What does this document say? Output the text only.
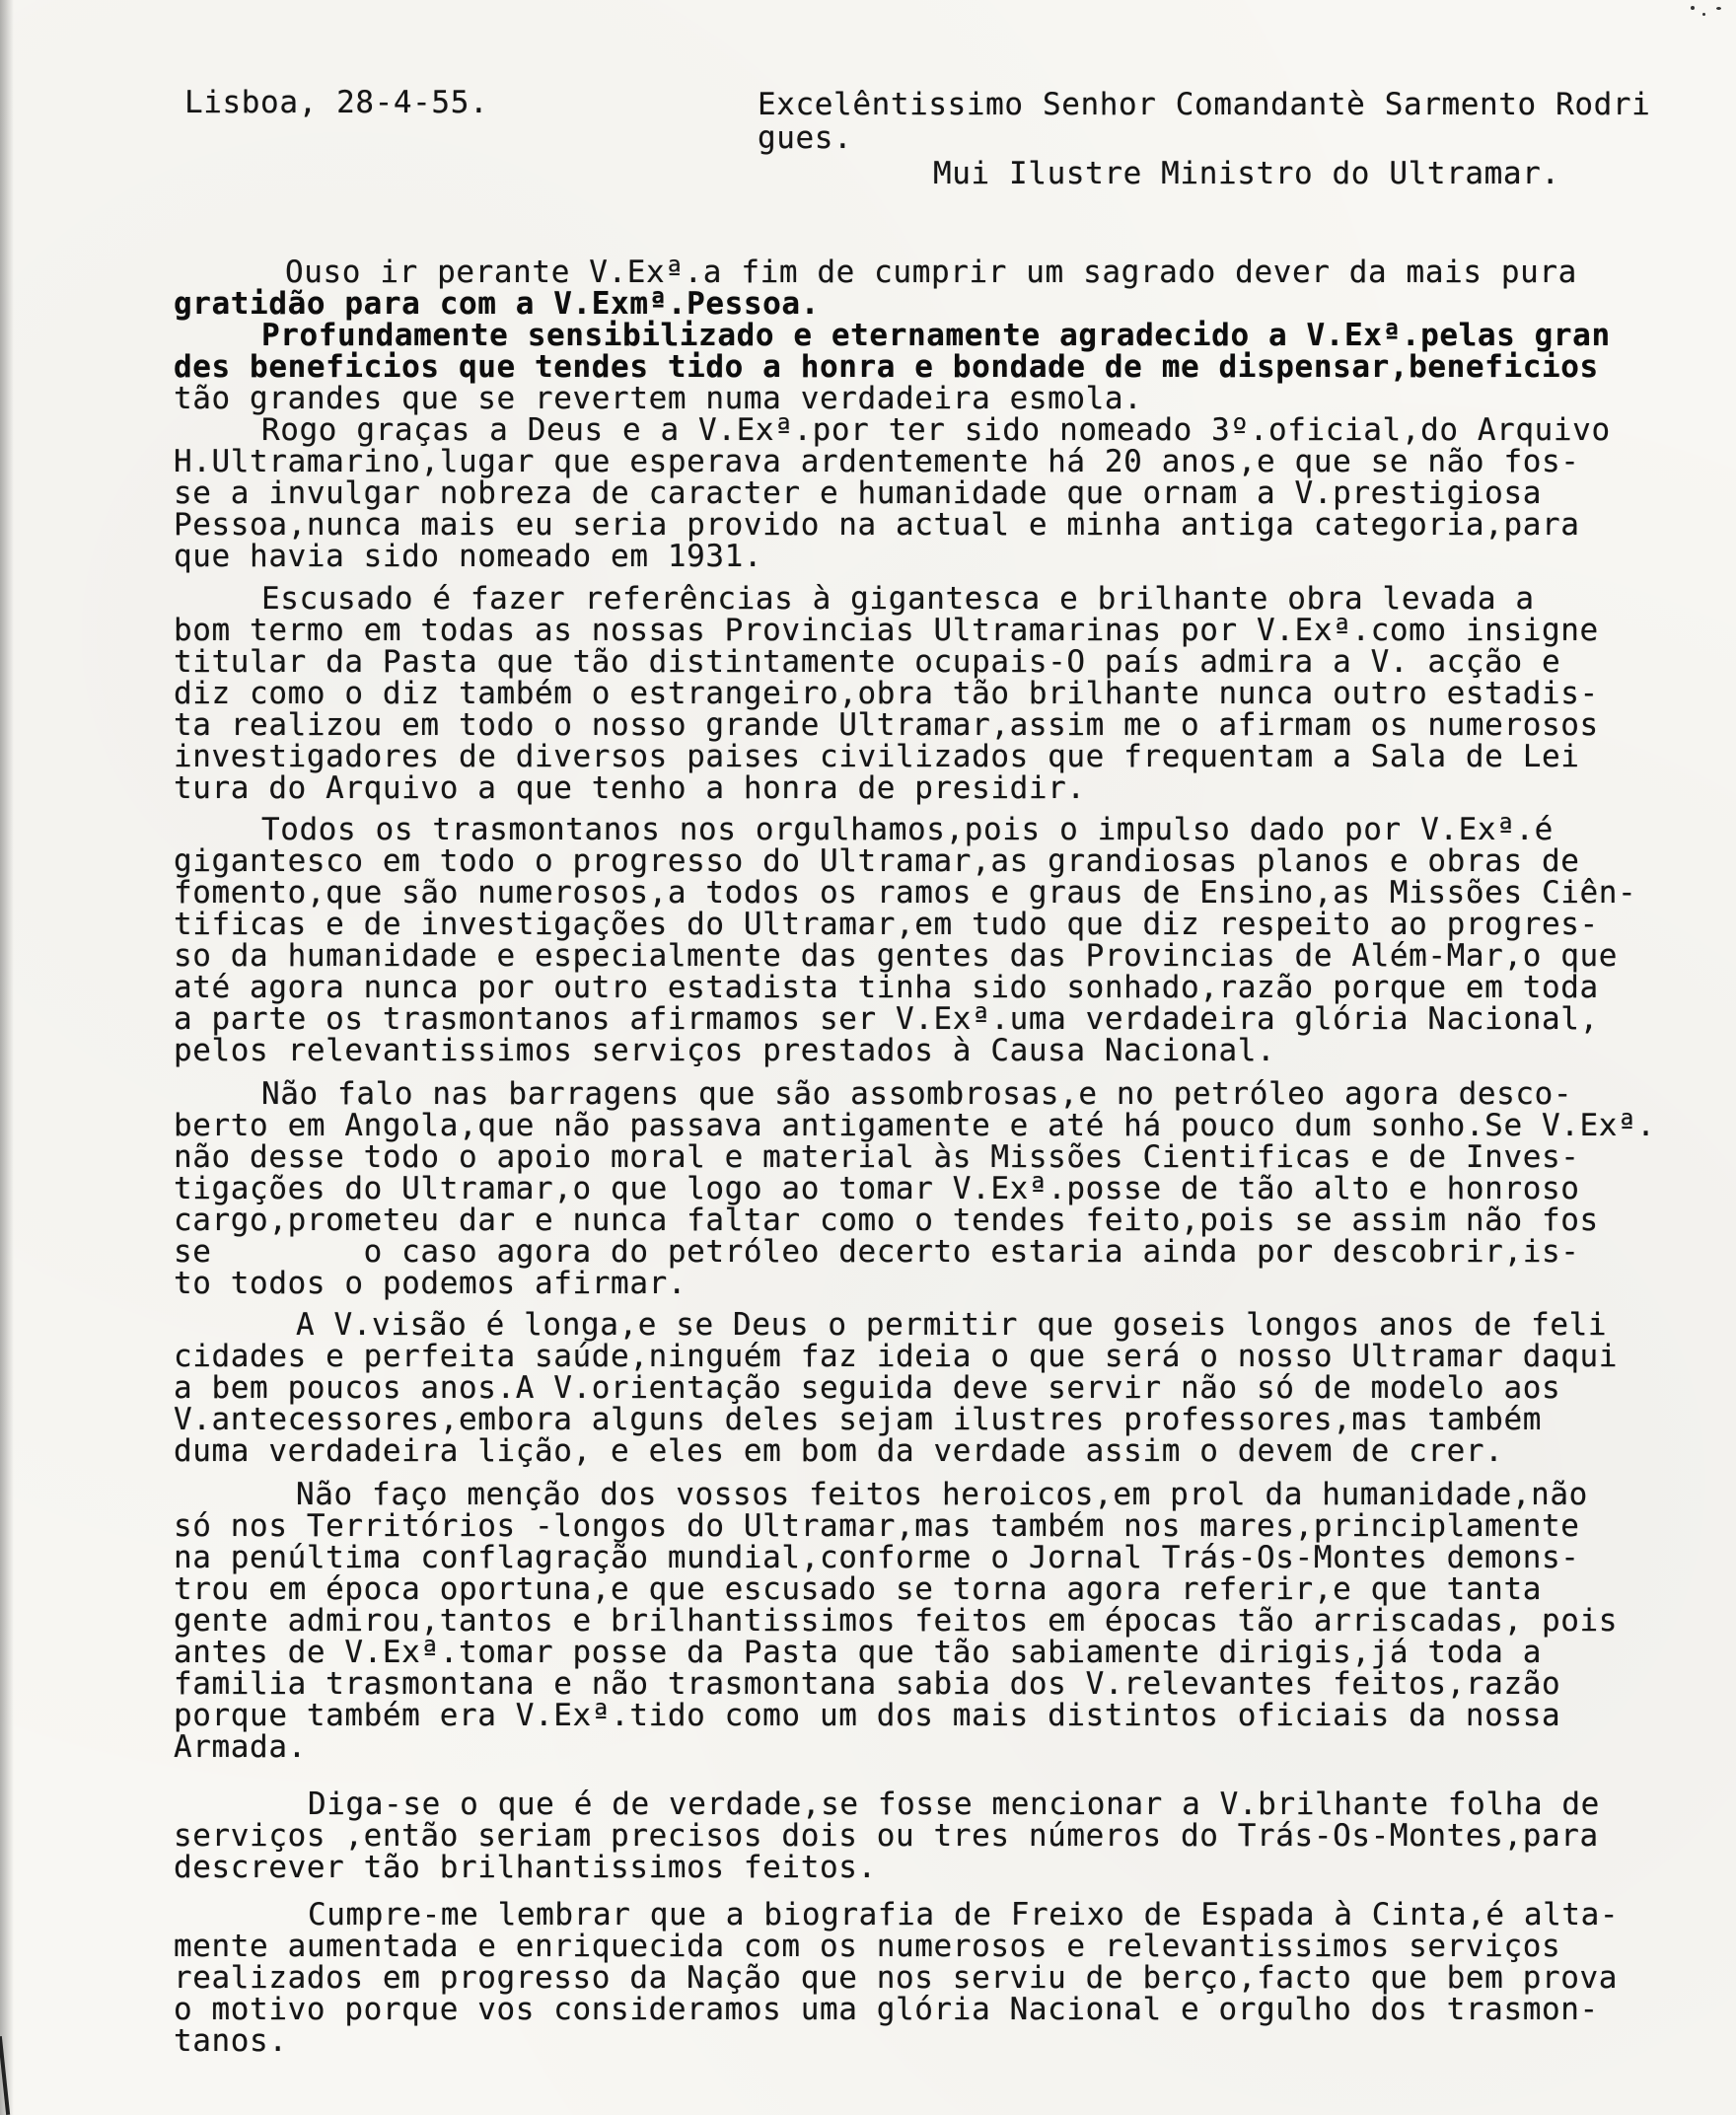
Lisboa, 28-4-55.	Excelêntissimo Senhor Comandantè Sarmento Rodri
gues.
Mui Ilustre Ministro do Ultramar.
Ouso ir perante V.Exª.a fim de cumprir um sagrado dever da mais pura
gratidão para com a V.Exmª.Pessoa.
Profundamente sensibilizado e eternamente agradecido a V.Exª.pelas gran
des beneficios que tendes tido a honra e bondade de me dispensar,beneficios
tão grandes que se revertem numa verdadeira esmola.
Rogo graças a Deus e a V.Exª.por ter sido nomeado 3º.oficial,do Arquivo
H.Ultramarino,lugar que esperava ardentemente há 20 anos,e que se não fos-
se a invulgar nobreza de caracter e humanidade que ornam a V.prestigiosa
Pessoa,nunca mais eu seria provido na actual e minha antiga categoria,para
que havia sido nomeado em 1931.
Escusado é fazer referências à gigantesca e brilhante obra levada a
bom termo em todas as nossas Provincias Ultramarinas por V.Exª.como insigne
titular da Pasta que tão distintamente ocupais-O país admira a V. acção e
diz como o diz também o estrangeiro,obra tão brilhante nunca outro estadis-
ta realizou em todo o nosso grande Ultramar,assim me o afirmam os numerosos
investigadores de diversos paises civilizados que frequentam a Sala de Lei
tura do Arquivo a que tenho a honra de presidir.
Todos os trasmontanos nos orgulhamos,pois o impulso dado por V.Exª.é
gigantesco em todo o progresso do Ultramar,as grandiosas planos e obras de
fomento,que são numerosos,a todos os ramos e graus de Ensino,as Missões Ciên-
tificas e de investigações do Ultramar,em tudo que diz respeito ao progres-
so da humanidade e especialmente das gentes das Provincias de Além-Mar,o que
até agora nunca por outro estadista tinha sido sonhado,razão porque em toda
a parte os trasmontanos afirmamos ser V.Exª.uma verdadeira glória Nacional,
pelos relevantissimos serviços prestados à Causa Nacional.
Não falo nas barragens que são assombrosas,e no petróleo agora desco-
berto em Angola,que não passava antigamente e até há pouco dum sonho.Se V.Exª.
não desse todo o apoio moral e material às Missões Cientificas e de Inves-
tigações do Ultramar,o que logo ao tomar V.Exª.posse de tão alto e honroso
cargo,prometeu dar e nunca faltar como o tendes feito,pois se assim não fos
se        o caso agora do petróleo decerto estaria ainda por descobrir,is-
to todos o podemos afirmar.
A V.visão é longa,e se Deus o permitir que goseis longos anos de feli
cidades e perfeita saúde,ninguém faz ideia o que será o nosso Ultramar daqui
a bem poucos anos.A V.orientação seguida deve servir não só de modelo aos
V.antecessores,embora alguns deles sejam ilustres professores,mas também
duma verdadeira lição, e eles em bom da verdade assim o devem de crer.
Não faço menção dos vossos feitos heroicos,em prol da humanidade,não
só nos Territórios -longos do Ultramar,mas também nos mares,principlamente
na penúltima conflagração mundial,conforme o Jornal Trás-Os-Montes demons-
trou em época oportuna,e que escusado se torna agora referir,e que tanta
gente admirou,tantos e brilhantissimos feitos em épocas tão arriscadas, pois
antes de V.Exª.tomar posse da Pasta que tão sabiamente dirigis,já toda a
familia trasmontana e não trasmontana sabia dos V.relevantes feitos,razão
porque também era V.Exª.tido como um dos mais distintos oficiais da nossa
Armada.
Diga-se o que é de verdade,se fosse mencionar a V.brilhante folha de
serviços ,então seriam precisos dois ou tres números do Trás-Os-Montes,para
descrever tão brilhantissimos feitos.
Cumpre-me lembrar que a biografia de Freixo de Espada à Cinta,é alta-
mente aumentada e enriquecida com os numerosos e relevantissimos serviços
realizados em progresso da Nação que nos serviu de berço,facto que bem prova
o motivo porque vos consideramos uma glória Nacional e orgulho dos trasmon-
tanos.
